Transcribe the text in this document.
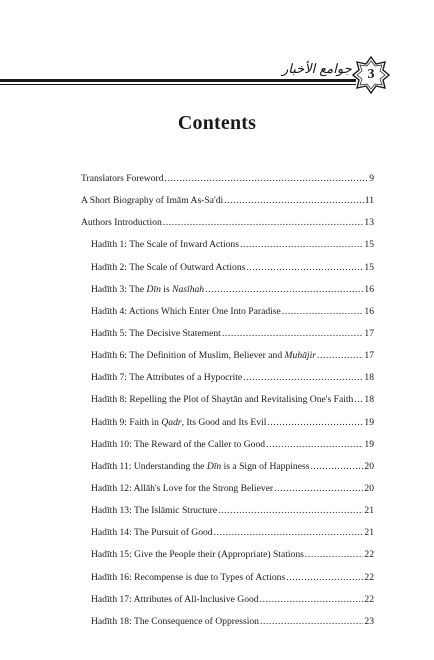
جوامع الأخبار	3
Contents
Translators Foreword .....	9
A Short Biography of Imām As-Sa'di .....	11
Authors Introduction .....	13
Hadīth 1: The Scale of Inward Actions .....	15
Hadīth 2: The Scale of Outward Actions .....	15
Hadīth 3: The Dīn is Nasīhah .....	16
Hadīth 4: Actions Which Enter One Into Paradise .....	16
Hadīth 5: The Decisive Statement .....	17
Hadīth 6: The Definition of Muslim, Believer and Muhājir .....	17
Hadīth 7: The Attributes of a Hypocrite .....	18
Hadīth 8: Repelling the Plot of Shaytān and Revitalising One's Faith ..... 18
Hadīth 9: Faith in Qadr, Its Good and Its Evil .....	19
Hadīth 10: The Reward of the Caller to Good .....	19
Hadīth 11: Understanding the Dīn is a Sign of Happiness .....	20
Hadīth 12: Allāh's Love for the Strong Believer .....	20
Hadīth 13: The Islāmic Structure .....	21
Hadīth 14: The Pursuit of Good .....	21
Hadīth 15: Give the People their (Appropriate) Stations .....	22
Hadīth 16: Recompense is due to Types of Actions .....	22
Hadīth 17: Attributes of All-Inclusive Good .....	22
Hadīth 18: The Consequence of Oppression .....	23
